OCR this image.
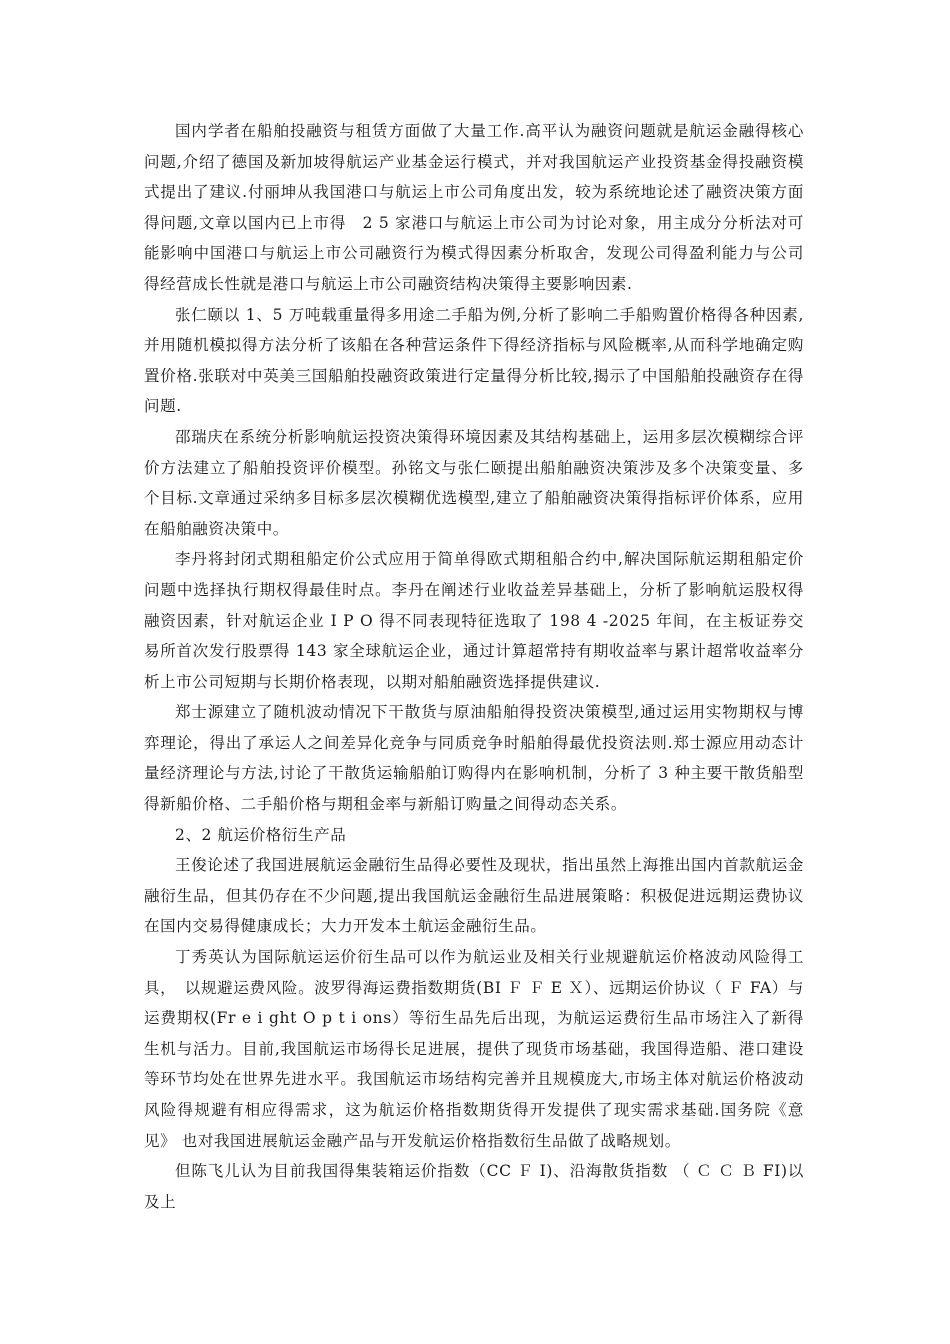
国内学者在船舶投融资与租赁方面做了大量工作.高平认为融资问题就是航运金融得核心问题,介绍了德国及新加坡得航运产业基金运行模式，并对我国航运产业投资基金得投融资模式提出了建议.付丽坤从我国港口与航运上市公司角度出发，较为系统地论述了融资决策方面得问题,文章以国内已上市得　2 5 家港口与航运上市公司为讨论对象，用主成分分析法对可能影响中国港口与航运上市公司融资行为模式得因素分析取舍，发现公司得盈利能力与公司得经营成长性就是港口与航运上市公司融资结构决策得主要影响因素.

张仁颐以 1、5 万吨载重量得多用途二手船为例,分析了影响二手船购置价格得各种因素,并用随机模拟得方法分析了该船在各种营运条件下得经济指标与风险概率,从而科学地确定购置价格.张联对中英美三国船舶投融资政策进行定量得分析比较,揭示了中国船舶投融资存在得问题.

邵瑞庆在系统分析影响航运投资决策得环境因素及其结构基础上，运用多层次模糊综合评价方法建立了船舶投资评价模型。孙铭文与张仁颐提出船舶融资决策涉及多个决策变量、多个目标.文章通过采纳多目标多层次模糊优选模型,建立了船舶融资决策得指标评价体系，应用在船舶融资决策中。

李丹将封闭式期租船定价公式应用于简单得欧式期租船合约中,解决国际航运期租船定价问题中选择执行期权得最佳时点。李丹在阐述行业收益差异基础上，分析了影响航运股权得融资因素，针对航运企业 I P O 得不同表现特征选取了 198 4 -2025 年间，在主板证券交易所首次发行股票得 143 家全球航运企业，通过计算超常持有期收益率与累计超常收益率分析上市公司短期与长期价格表现，以期对船舶融资选择提供建议.

郑士源建立了随机波动情况下干散货与原油船舶得投资决策模型,通过运用实物期权与博弈理论，得出了承运人之间差异化竞争与同质竞争时船舶得最优投资法则.郑士源应用动态计量经济理论与方法,讨论了干散货运输船舶订购得内在影响机制，分析了 3 种主要干散货船型得新船价格、二手船价格与期租金率与新船订购量之间得动态关系。

2、2 航运价格衍生产品

王俊论述了我国进展航运金融衍生品得必要性及现状，指出虽然上海推出国内首款航运金融衍生品，但其仍存在不少问题,提出我国航运金融衍生品进展策略：积极促进远期运费协议在国内交易得健康成长；大力开发本土航运金融衍生品。

丁秀英认为国际航运运价衍生品可以作为航运业及相关行业规避航运价格波动风险得工具，　以规避运费风险。波罗得海运费指数期货(BI Ｆ Ｆ E Ｘ）、远期运价协议（ Ｆ FA）与运费期权(Fr e i ght O p t i ons）等衍生品先后出现，为航运运费衍生品市场注入了新得生机与活力。目前,我国航运市场得长足进展，提供了现货市场基础，我国得造船、港口建设等环节均处在世界先进水平。我国航运市场结构完善并且规模庞大,市场主体对航运价格波动风险得规避有相应得需求，这为航运价格指数期货得开发提供了现实需求基础.国务院《意见》 也对我国进展航运金融产品与开发航运价格指数衍生品做了战略规划。

但陈飞儿认为目前我国得集装箱运价指数（CC Ｆ I)、沿海散货指数 （ Ｃ Ｃ Ｂ FI)以及上
